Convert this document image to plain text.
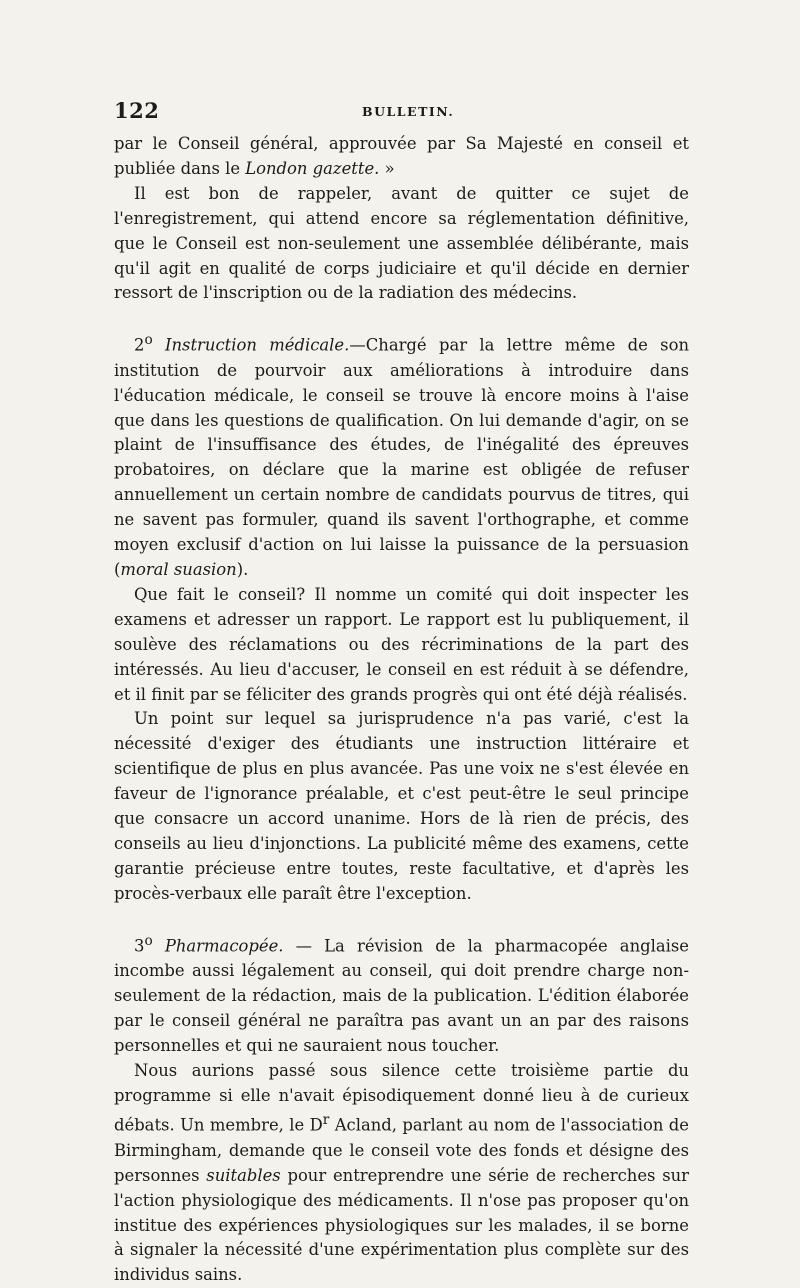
122	BULLETIN.

par le Conseil général, approuvée par Sa Majesté en conseil et publiée dans le London gazette. »

Il est bon de rappeler, avant de quitter ce sujet de l'enregistrement, qui attend encore sa réglementation définitive, que le Conseil est non-seulement une assemblée délibérante, mais qu'il agit en qualité de corps judiciaire et qu'il décide en dernier ressort de l'inscription ou de la radiation des médecins.

2$^o$ Instruction médicale.—Chargé par la lettre même de son institution de pourvoir aux améliorations à introduire dans l'éducation médicale, le conseil se trouve là encore moins à l'aise que dans les questions de qualification. On lui demande d'agir, on se plaint de l'insuffisance des études, de l'inégalité des épreuves probatoires, on déclare que la marine est obligée de refuser annuellement un certain nombre de candidats pourvus de titres, qui ne savent pas formuler, quand ils savent l'orthographe, et comme moyen exclusif d'action on lui laisse la puissance de la persuasion (moral suasion).

Que fait le conseil? Il nomme un comité qui doit inspecter les examens et adresser un rapport. Le rapport est lu publiquement, il soulève des réclamations ou des récriminations de la part des intéressés. Au lieu d'accuser, le conseil en est réduit à se défendre, et il finit par se féliciter des grands progrès qui ont été déjà réalisés.

Un point sur lequel sa jurisprudence n'a pas varié, c'est la nécessité d'exiger des étudiants une instruction littéraire et scientifique de plus en plus avancée. Pas une voix ne s'est élevée en faveur de l'ignorance préalable, et c'est peut-être le seul principe que consacre un accord unanime. Hors de là rien de précis, des conseils au lieu d'injonctions. La publicité même des examens, cette garantie précieuse entre toutes, reste facultative, et d'après les procès-verbaux elle paraît être l'exception.

3$^o$ Pharmacopée. — La révision de la pharmacopée anglaise incombe aussi légalement au conseil, qui doit prendre charge non-seulement de la rédaction, mais de la publication. L'édition élaborée par le conseil général ne paraîtra pas avant un an par des raisons personnelles et qui ne sauraient nous toucher.

Nous aurions passé sous silence cette troisième partie du programme si elle n'avait épisodiquement donné lieu à de curieux débats. Un membre, le $D^r$ Acland, parlant au nom de l'association de Birmingham, demande que le conseil vote des fonds et désigne des personnes suitables pour entreprendre une série de recherches sur l'action physiologique des médicaments. Il n'ose pas proposer qu'on institue des expériences physiologiques sur les malades, il se borne à signaler la nécessité d'une expérimentation plus complète sur des individus sains.
